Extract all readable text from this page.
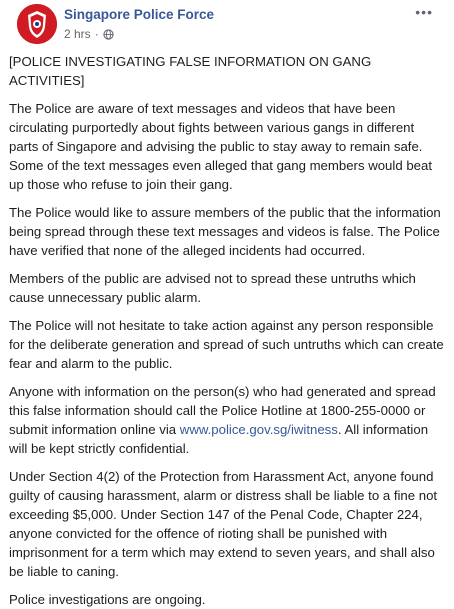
Singapore Police Force
2 hrs ·
•••

[POLICE INVESTIGATING FALSE INFORMATION ON GANG ACTIVITIES]

The Police are aware of text messages and videos that have been circulating purportedly about fights between various gangs in different parts of Singapore and advising the public to stay away to remain safe. Some of the text messages even alleged that gang members would beat up those who refuse to join their gang.

The Police would like to assure members of the public that the information being spread through these text messages and videos is false. The Police have verified that none of the alleged incidents had occurred.

Members of the public are advised not to spread these untruths which cause unnecessary public alarm.

The Police will not hesitate to take action against any person responsible for the deliberate generation and spread of such untruths which can create fear and alarm to the public.

Anyone with information on the person(s) who had generated and spread this false information should call the Police Hotline at 1800-255-0000 or submit information online via www.police.gov.sg/iwitness. All information will be kept strictly confidential.

Under Section 4(2) of the Protection from Harassment Act, anyone found guilty of causing harassment, alarm or distress shall be liable to a fine not exceeding $5,000. Under Section 147 of the Penal Code, Chapter 224, anyone convicted for the offence of rioting shall be punished with imprisonment for a term which may extend to seven years, and shall also be liable to caning.

Police investigations are ongoing.
